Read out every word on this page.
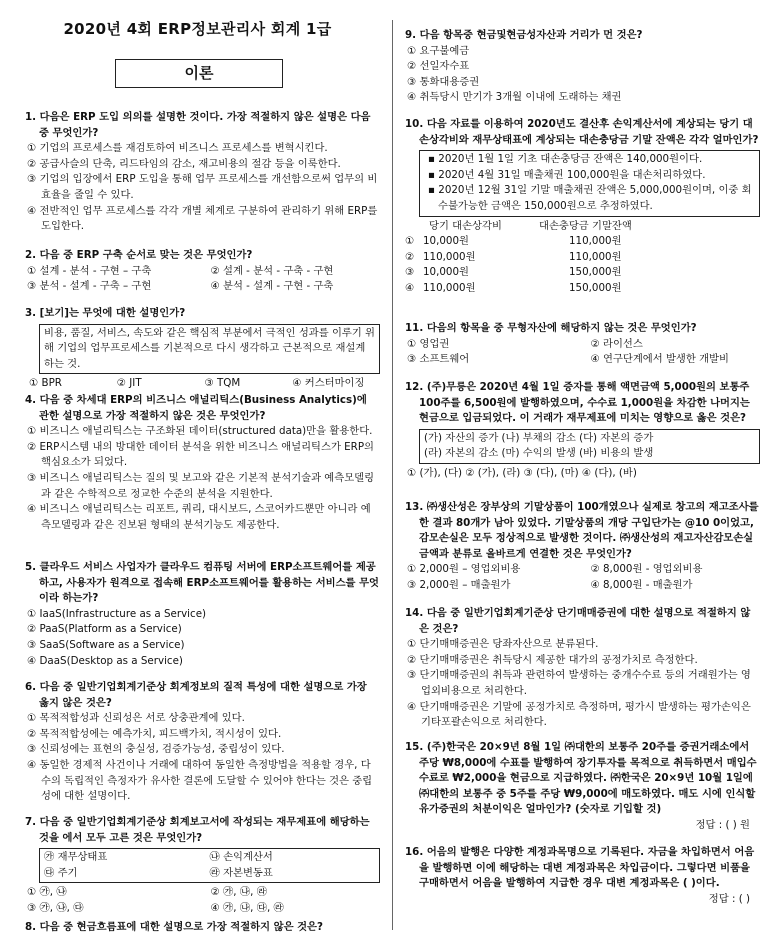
2020년 4회 ERP정보관리사 회계 1급
이론
1. 다음은 ERP 도입 의의를 설명한 것이다. 가장 적절하지 않은 설명은 다음 중 무엇인가?
① 기업의 프로세스를 재검토하여 비즈니스 프로세스를 변혁시킨다.
② 공급사슬의 단축, 리드타임의 감소, 재고비용의 절감 등을 이룩한다.
③ 기업의 입장에서 ERP 도입을 통해 업무 프로세스를 개선함으로써 업무의 비효율을 줄일 수 있다.
④ 전반적인 업무 프로세스를 각각 개별 체계로 구분하여 관리하기 위해 ERP를 도입한다.
2. 다음 중 ERP 구축 순서로 맞는 것은 무엇인가?
① 설계 - 분석 - 구현 – 구축	② 설계 - 분석 - 구축 - 구현
③ 분석 - 설계 - 구축 – 구현	④ 분석 - 설계 - 구현 - 구축
3. [보기]는 무엇에 대한 설명인가?
비용, 품질, 서비스, 속도와 같은 핵심적 부분에서 극적인 성과를 이루기 위해 기업의 업무프로세스를 기본적으로 다시 생각하고 근본적으로 재설계하는 것.
① BPR	② JIT	③ TQM	④ 커스터마이징
4. 다음 중 차세대 ERP의 비즈니스 애널리틱스(Business Analytics)에 관한 설명으로 가장 적절하지 않은 것은 무엇인가?
① 비즈니스 애널리틱스는 구조화된 데이터(structured data)만을 활용한다.
② ERP시스템 내의 방대한 데이터 분석을 위한 비즈니스 애널리틱스가 ERP의 핵심요소가 되었다.
③ 비즈니스 애널리틱스는 질의 및 보고와 같은 기본적 분석기술과 예측모델링과 같은 수학적으로 정교한 수준의 분석을 지원한다.
④ 비즈니스 애널리틱스는 리포트, 쿼리, 대시보드, 스코어카드뿐만 아니라 예측모델링과 같은 진보된 형태의 분석기능도 제공한다.
5. 클라우드 서비스 사업자가 클라우드 컴퓨팅 서버에 ERP소프트웨어를 제공하고, 사용자가 원격으로 접속해 ERP소프트웨어를 활용하는 서비스를 무엇이라 하는가?
① IaaS(Infrastructure as a Service)
② PaaS(Platform as a Service)
③ SaaS(Software as a Service)
④ DaaS(Desktop as a Service)
6. 다음 중 일반기업회계기준상 회계정보의 질적 특성에 대한 설명으로 가장 옳지 않은 것은?
① 목적적합성과 신뢰성은 서로 상충관계에 있다.
② 목적적합성에는 예측가치, 피드백가치, 적시성이 있다.
③ 신뢰성에는 표현의 충실성, 검증가능성, 중립성이 있다.
④ 동일한 경제적 사건이나 거래에 대하여 동일한 측정방법을 적용할 경우, 다수의 독립적인 측정자가 유사한 결론에 도달할 수 있어야 한다는 것은 중립성에 대한 설명이다.
7. 다음 중 일반기업회계기준상 회계보고서에 작성되는 재무제표에 해당하는 것을 에서 모두 고른 것은 무엇인가?
㉮ 재무상태표	㉯ 손익계산서
㉰ 주기	㉱ 자본변동표
① ㉮, ㉯	② ㉮, ㉯, ㉱
③ ㉮, ㉯, ㉰	④ ㉮, ㉯, ㉰, ㉱
8. 다음 중 현금흐름표에 대한 설명으로 가장 적절하지 않은 것은?
9. 다음 항목중 현금및현금성자산과 거리가 먼 것은?
① 요구불예금
② 선일자수표
③ 통화대용증권
④ 취득당시 만기가 3개월 이내에 도래하는 채권
10. 다음 자료를 이용하여 2020년도 결산후 손익계산서에 계상되는 당기 대손상각비와 재무상태표에 계상되는 대손충당금 기말 잔액은 각각 얼마인가?
▪ 2020년 1월 1일 기초 대손충당금 잔액은 140,000원이다.
▪ 2020년 4월 31일 매출채권 100,000원을 대손처리하였다.
▪ 2020년 12월 31일 기말 매출채권 잔액은 5,000,000원이며, 이중 회수불가능한 금액은 150,000원으로 추정하였다.
당기 대손상각비	대손충당금 기말잔액
① 10,000원	110,000원
② 110,000원	110,000원
③ 10,000원	150,000원
④ 110,000원	150,000원
11. 다음의 항목을 중 무형자산에 해당하지 않는 것은 무엇인가?
① 영업권	② 라이선스
③ 소프트웨어	④ 연구단계에서 발생한 개발비
12. (주)무릉은 2020년 4월 1일 증자를 통해 액면금액 5,000원의 보통주 100주를 6,500원에 발행하였으며, 수수료 1,000원을 차감한 나머지는 현금으로 입금되었다. 이 거래가 재무제표에 미치는 영향으로 옳은 것은?
(가) 자산의 증가 (나) 부채의 감소 (다) 자본의 증가
(라) 자본의 감소 (마) 수익의 발생 (바) 비용의 발생
① (가), (다) ② (가), (라) ③ (다), (마) ④ (다), (바)
13. ㈜생산성은 장부상의 기말상품이 100개였으나 실제로 창고의 재고조사를 한 결과 80개가 남아 있었다. 기말상품의 개당 구입단가는 @10 0이었고, 감모손실은 모두 정상적으로 발생한 것이다. ㈜생산성의 재고자산감모손실 금액과 분류로 올바르게 연결한 것은 무엇인가?
① 2,000원 – 영업외비용	② 8,000원 - 영업외비용
③ 2,000원 – 매출원가	④ 8,000원 - 매출원가
14. 다음 중 일반기업회계기준상 단기매매증권에 대한 설명으로 적절하지 않은 것은?
① 단기매매증권은 당좌자산으로 분류된다.
② 단기매매증권은 취득당시 제공한 대가의 공정가치로 측정한다.
③ 단기매매증권의 취득과 관련하여 발생하는 중개수수료 등의 거래원가는 영업외비용으로 처리한다.
④ 단기매매증권은 기말에 공정가치로 측정하며, 평가시 발생하는 평가손익은 기타포괄손익으로 처리한다.
15. (주)한국은 20×9년 8월 1일 ㈜대한의 보통주 20주를 증권거래소에서 주당 ₩8,000에 수표를 발행하여 장기투자를 목적으로 취득하면서 매입수수료로 ₩2,000을 현금으로 지급하였다. ㈜한국은 20×9년 10월 1일에 ㈜대한의 보통주 중 5주를 주당 ₩9,000에 매도하였다. 매도 시에 인식할 유가증권의 처분이익은 얼마인가? (숫자로 기입할 것)
정답 : ( ) 원
16. 어음의 발행은 다양한 계정과목명으로 기록된다. 자금을 차입하면서 어음을 발행하면 이에 해당하는 대변 계정과목은 차입금이다. 그렇다면 비품을 구매하면서 어음을 발행하여 지급한 경우 대변 계정과목은 ( )이다.
정답 : ( )
